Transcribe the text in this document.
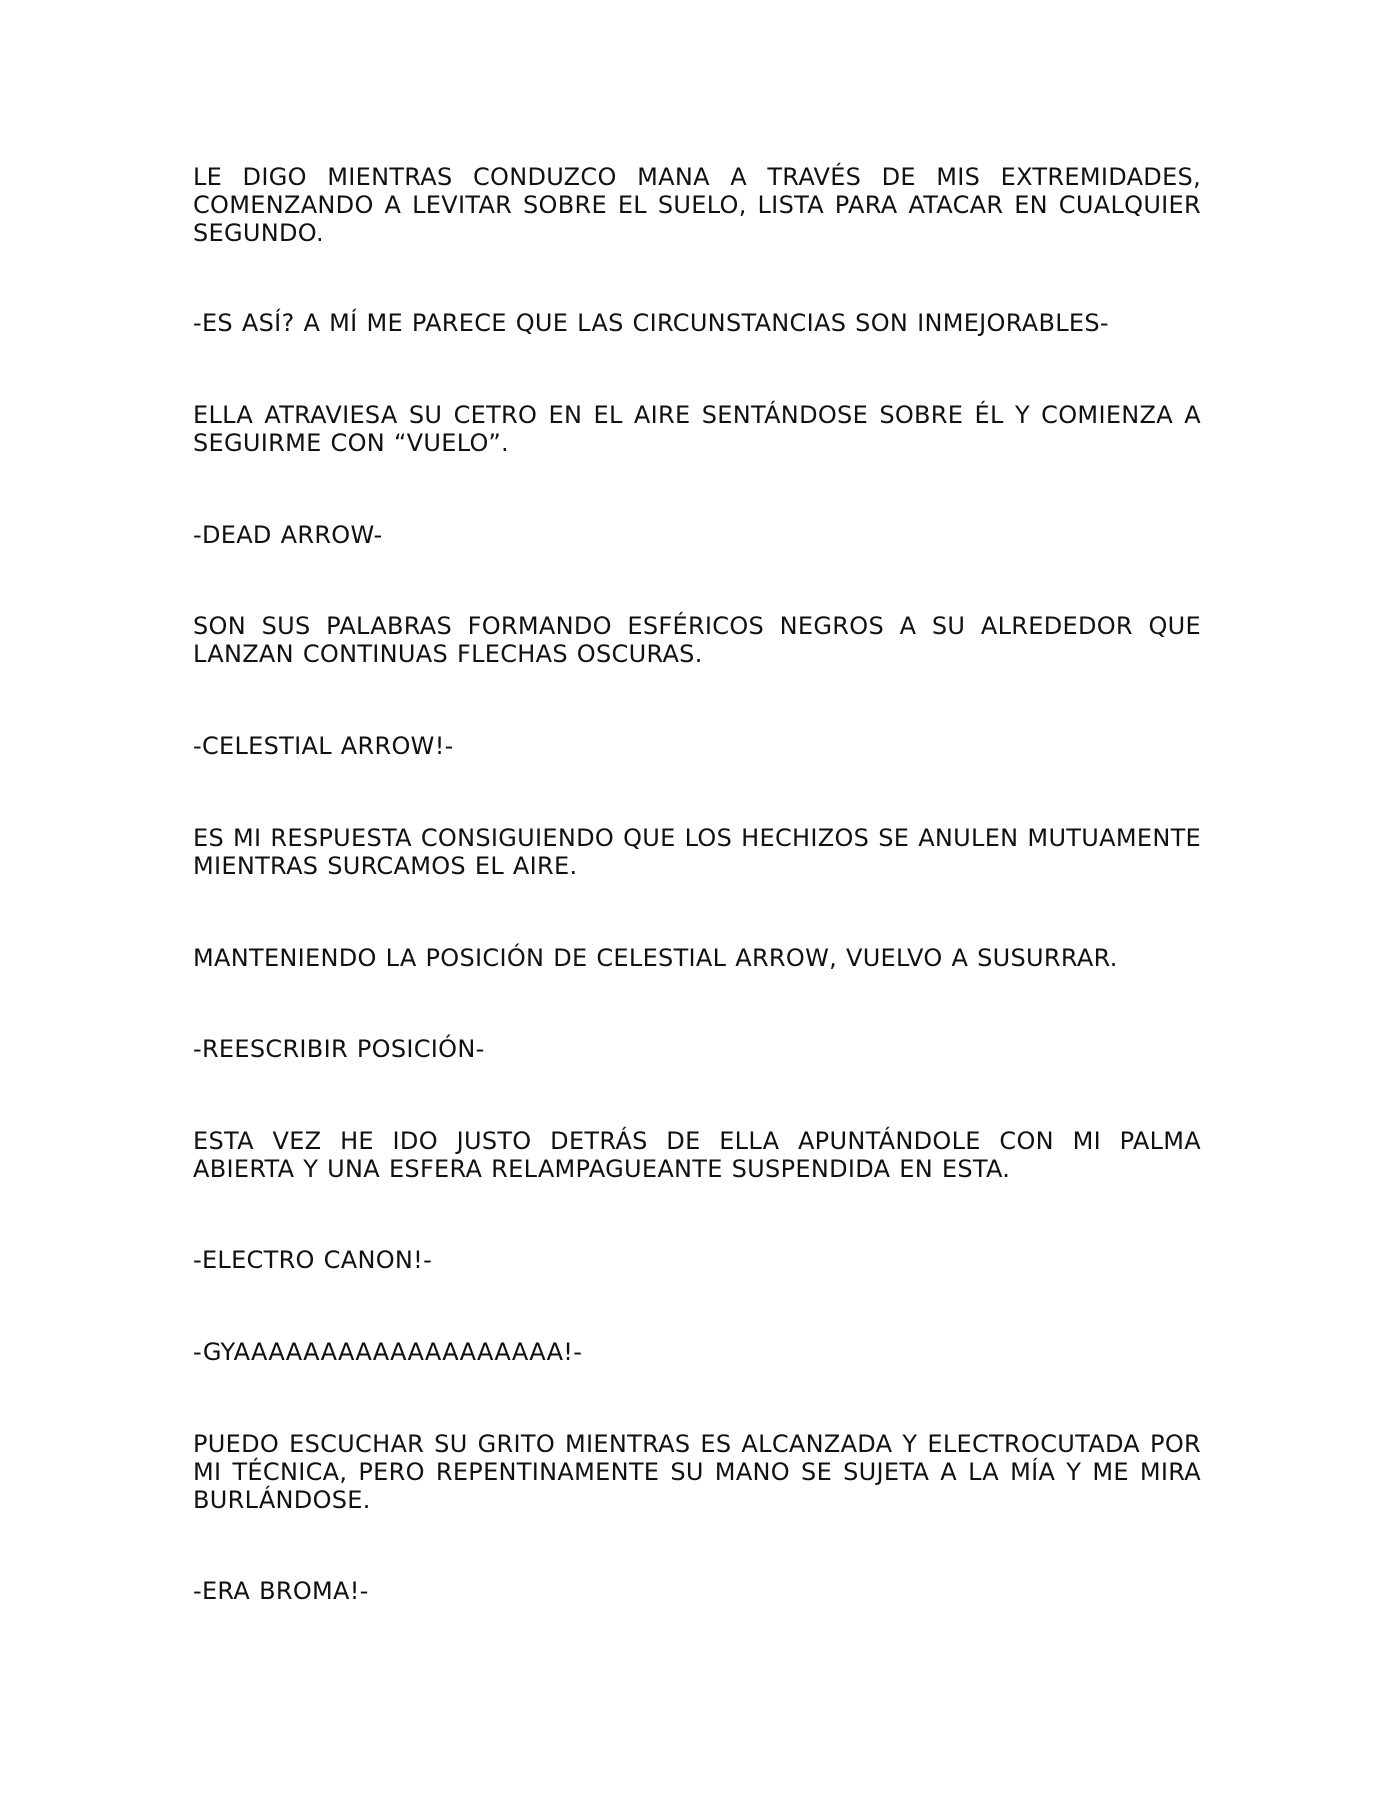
LE DIGO MIENTRAS CONDUZCO MANA A TRAVÉS DE MIS EXTREMIDADES, COMENZANDO A LEVITAR SOBRE EL SUELO, LISTA PARA ATACAR EN CUALQUIER SEGUNDO.

-ES ASÍ? A MÍ ME PARECE QUE LAS CIRCUNSTANCIAS SON INMEJORABLES-

ELLA ATRAVIESA SU CETRO EN EL AIRE SENTÁNDOSE SOBRE ÉL Y COMIENZA A SEGUIRME CON “VUELO”.

-DEAD ARROW-

SON SUS PALABRAS FORMANDO ESFÉRICOS NEGROS A SU ALREDEDOR QUE LANZAN CONTINUAS FLECHAS OSCURAS.

-CELESTIAL ARROW!-

ES MI RESPUESTA CONSIGUIENDO QUE LOS HECHIZOS SE ANULEN MUTUAMENTE MIENTRAS SURCAMOS EL AIRE.

MANTENIENDO LA POSICIÓN DE CELESTIAL ARROW, VUELVO A SUSURRAR.

-REESCRIBIR POSICIÓN-

ESTA VEZ HE IDO JUSTO DETRÁS DE ELLA APUNTÁNDOLE CON MI PALMA ABIERTA Y UNA ESFERA RELAMPAGUEANTE SUSPENDIDA EN ESTA.

-ELECTRO CANON!-

-GYAAAAAAAAAAAAAAAAAAA!-

PUEDO ESCUCHAR SU GRITO MIENTRAS ES ALCANZADA Y ELECTROCUTADA POR MI TÉCNICA, PERO REPENTINAMENTE SU MANO SE SUJETA A LA MÍA Y ME MIRA BURLÁNDOSE.

-ERA BROMA!-
